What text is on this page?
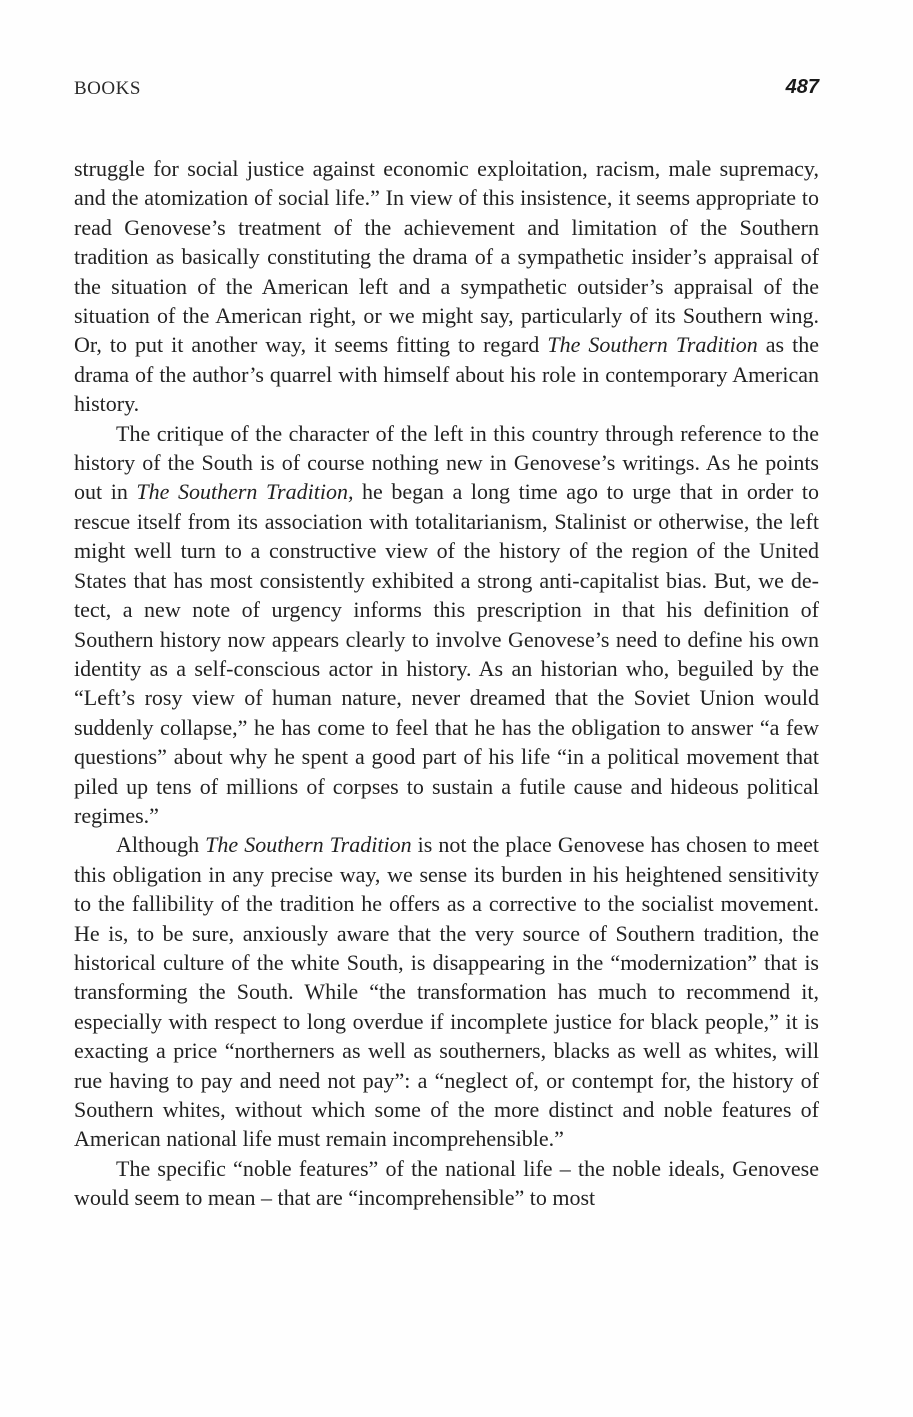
BOOKS	487

struggle for social justice against economic exploitation, racism, male supremacy, and the atomization of social life.” In view of this insistence, it seems appropriate to read Genovese’s treatment of the achievement and limitation of the Southern tradition as basically constituting the drama of a sympathetic insider’s appraisal of the situation of the American left and a sympathetic outsider’s appraisal of the situation of the American right, or we might say, particularly of its Southern wing. Or, to put it another way, it seems fitting to regard The Southern Tradition as the drama of the author’s quarrel with himself about his role in contemporary American history.

The critique of the character of the left in this country through reference to the history of the South is of course nothing new in Genovese’s writings. As he points out in The Southern Tradition, he began a long time ago to urge that in order to rescue itself from its association with totalitarianism, Stalinist or otherwise, the left might well turn to a constructive view of the history of the region of the United States that has most consistently exhibited a strong anti-capitalist bias. But, we detect, a new note of urgency informs this prescription in that his definition of Southern history now appears clearly to involve Genovese’s need to define his own identity as a self-conscious actor in history. As an historian who, beguiled by the “Left’s rosy view of human nature, never dreamed that the Soviet Union would suddenly collapse,” he has come to feel that he has the obligation to answer “a few questions” about why he spent a good part of his life “in a political movement that piled up tens of millions of corpses to sustain a futile cause and hideous political regimes.”

Although The Southern Tradition is not the place Genovese has chosen to meet this obligation in any precise way, we sense its burden in his heightened sensitivity to the fallibility of the tradition he offers as a corrective to the socialist movement. He is, to be sure, anxiously aware that the very source of Southern tradition, the historical culture of the white South, is disappearing in the “modernization” that is transforming the South. While “the transformation has much to recommend it, especially with respect to long overdue if incomplete justice for black people,” it is exacting a price “northerners as well as southerners, blacks as well as whites, will rue having to pay and need not pay”: a “neglect of, or contempt for, the history of Southern whites, without which some of the more distinct and noble features of American national life must remain incomprehensible.”

The specific “noble features” of the national life – the noble ideals, Genovese would seem to mean – that are “incomprehensible” to most
